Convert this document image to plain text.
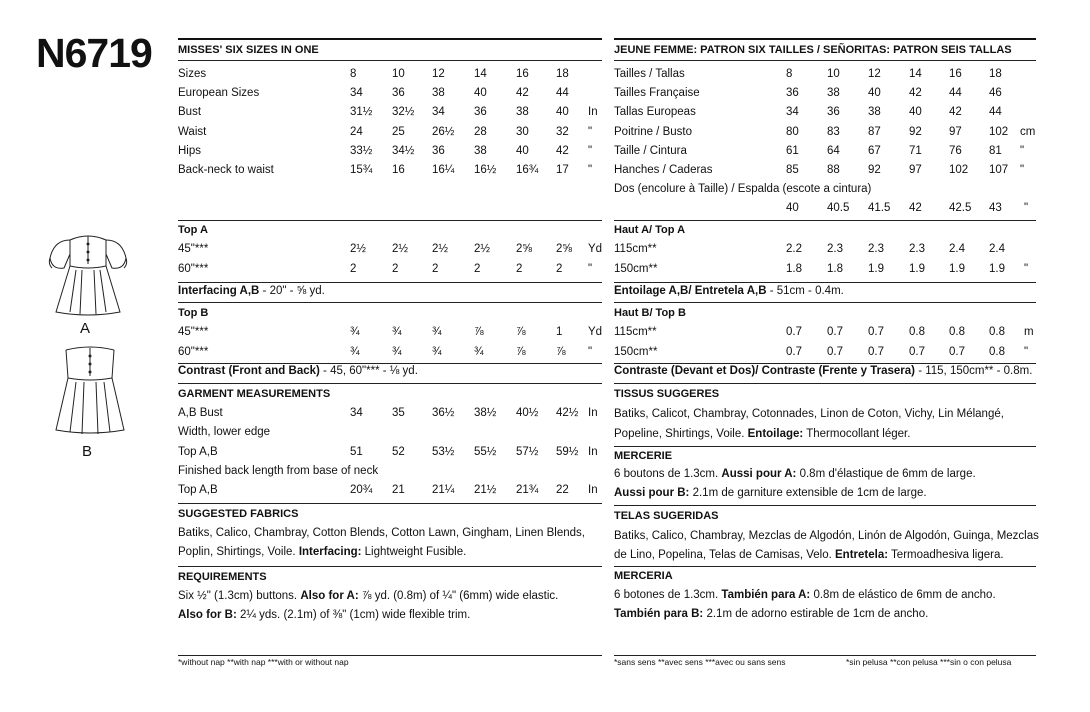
N6719
A
B
MISSES' SIX SIZES IN ONE
Sizes	8	10 12	14	16 18
European Sizes	34	36 38	40	42 44
Bust	31½ 32½ 34	36	38 40 In
Waist	24	25 26½ 28	30 32 "
Hips	33½ 34½ 36	38	40 42 "
Back-neck to waist	15¾ 16 16¼ 16½ 16¾ 17 "
Top A
45"***	2½ 2½ 2½ 2½ 2⅝ 2⅝ Yd
60"***	2	2	2	2	2	2 "
Interfacing A,B - 20" - ⅝ yd.
Top B
45"***	¾	¾	¾	⅞	⅞	1 Yd
60"***	¾	¾	¾	¾	⅞	⅞ "
Contrast (Front and Back) - 45, 60"*** - ⅛ yd.
GARMENT MEASUREMENTS
A,B Bust	34	35 36½ 38½ 40½ 42½ In
Width, lower edge
Top A,B	51	52 53½ 55½ 57½ 59½ In
Finished back length from base of neck
Top A,B	20¾ 21 21¼ 21½ 21¾ 22 In
SUGGESTED FABRICS
Batiks, Calico, Chambray, Cotton Blends, Cotton Lawn, Gingham, Linen Blends,
Poplin, Shirtings, Voile. Interfacing: Lightweight Fusible.
REQUIREMENTS
Six ½" (1.3cm) buttons. Also for A: ⅞ yd. (0.8m) of ¼" (6mm) wide elastic.
Also for B: 2¼ yds. (2.1m) of ⅜" (1cm) wide flexible trim.
*without nap **with nap ***with or without nap
JEUNE FEMME: PATRON SIX TAILLES / SEÑORITAS: PATRON SEIS TALLAS
Tailles / Tallas	8	10 12 14 16 18
Tailles Française	36 38 40 42 44 46
Tallas Europeas	34 36 38 40 42 44
Poitrine / Busto	80 83 87 92 97 102 cm
Taille / Cintura	61 64 67 71 76 81 "
Hanches / Caderas	85 88 92 97 102 107 "
Dos (encolure à Taille) / Espalda (escote a cintura)
40 40.5 41.5 42 42.5 43 "
Haut A/ Top A
115cm**	2.2 2.3 2.3 2.3 2.4 2.4
150cm**	1.8 1.8 1.9 1.9 1.9 1.9 "
Entoilage A,B/ Entretela A,B - 51cm - 0.4m.
Haut B/ Top B
115cm**	0.7 0.7 0.7 0.8 0.8 0.8 m
150cm**	0.7 0.7 0.7 0.7 0.7 0.8 "
Contraste (Devant et Dos)/ Contraste (Frente y Trasera) - 115, 150cm** - 0.8m.
TISSUS SUGGERES
Batiks, Calicot, Chambray, Cotonnades, Linon de Coton, Vichy, Lin Mélangé,
Popeline, Shirtings, Voile. Entoilage: Thermocollant léger.
MERCERIE
6 boutons de 1.3cm. Aussi pour A: 0.8m d'élastique de 6mm de large.
Aussi pour B: 2.1m de garniture extensible de 1cm de large.
TELAS SUGERIDAS
Batiks, Calico, Chambray, Mezclas de Algodón, Linón de Algodón, Guinga, Mezclas
de Lino, Popelina, Telas de Camisas, Velo. Entretela: Termoadhesiva ligera.
MERCERIA
6 botones de 1.3cm. También para A: 0.8m de elástico de 6mm de ancho.
También para B: 2.1m de adorno estirable de 1cm de ancho.
*sans sens **avec sens ***avec ou sans sens	*sin pelusa **con pelusa ***sin o con pelusa
